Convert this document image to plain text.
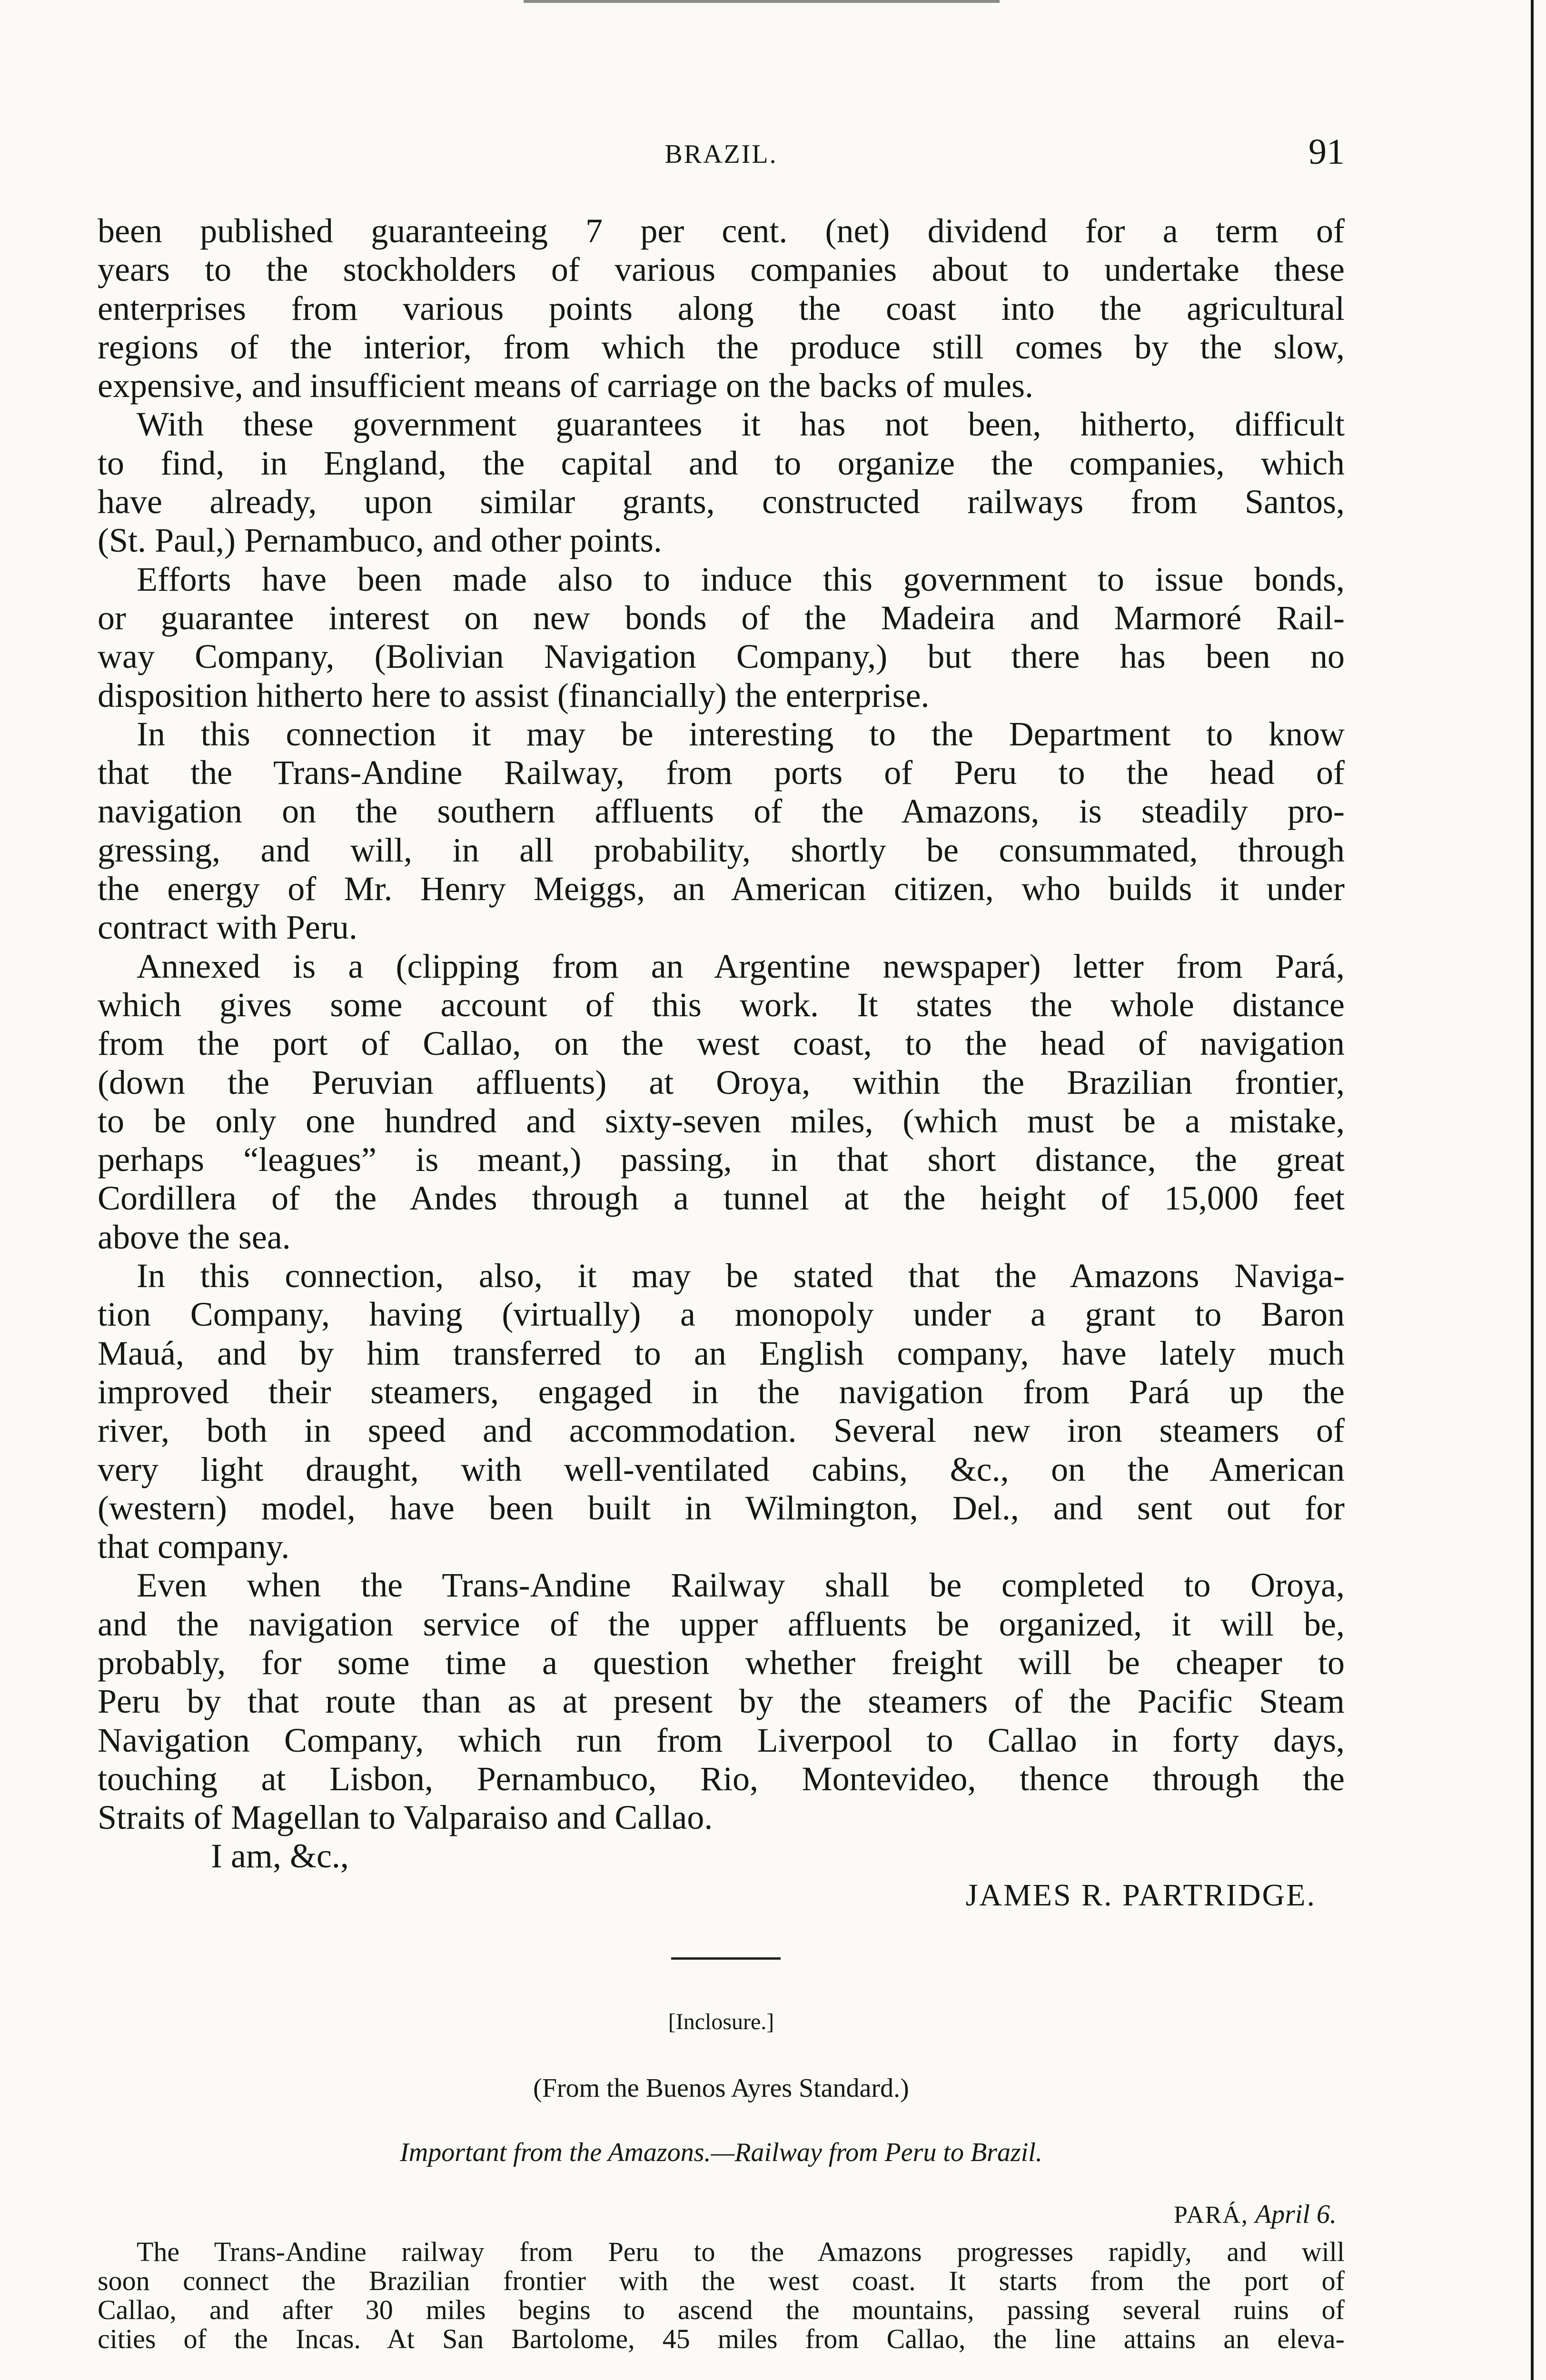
BRAZIL.	91

been published guaranteeing 7 per cent. (net) dividend for a term of

years to the stockholders of various companies about to undertake these

enterprises from various points along the coast into the agricultural

regions of the interior, from which the produce still comes by the slow,

expensive, and insufficient means of carriage on the backs of mules.

With these government guarantees it has not been, hitherto, difficult

to find, in England, the capital and to organize the companies, which

have already, upon similar grants, constructed railways from Santos,

(St. Paul,) Pernambuco, and other points.

Efforts have been made also to induce this government to issue bonds,

or guarantee interest on new bonds of the Madeira and Marmoré Rail-

way Company, (Bolivian Navigation Company,) but there has been no

disposition hitherto here to assist (financially) the enterprise.

In this connection it may be interesting to the Department to know

that the Trans-Andine Railway, from ports of Peru to the head of

navigation on the southern affluents of the Amazons, is steadily pro-

gressing, and will, in all probability, shortly be consummated, through

the energy of Mr. Henry Meiggs, an American citizen, who builds it under

contract with Peru.

Annexed is a (clipping from an Argentine newspaper) letter from Pará,

which gives some account of this work. It states the whole distance

from the port of Callao, on the west coast, to the head of navigation

(down the Peruvian affluents) at Oroya, within the Brazilian frontier,

to be only one hundred and sixty-seven miles, (which must be a mistake,

perhaps “leagues” is meant,) passing, in that short distance, the great

Cordillera of the Andes through a tunnel at the height of 15,000 feet

above the sea.

In this connection, also, it may be stated that the Amazons Naviga-

tion Company, having (virtually) a monopoly under a grant to Baron

Mauá, and by him transferred to an English company, have lately much

improved their steamers, engaged in the navigation from Pará up the

river, both in speed and accommodation. Several new iron steamers of

very light draught, with well-ventilated cabins, &c., on the American

(western) model, have been built in Wilmington, Del., and sent out for

that company.

Even when the Trans-Andine Railway shall be completed to Oroya,

and the navigation service of the upper affluents be organized, it will be,

probably, for some time a question whether freight will be cheaper to

Peru by that route than as at present by the steamers of the Pacific Steam

Navigation Company, which run from Liverpool to Callao in forty days,

touching at Lisbon, Pernambuco, Rio, Montevideo, thence through the

Straits of Magellan to Valparaiso and Callao.

I am, &c.,

JAMES R. PARTRIDGE.

[Inclosure.]
(From the Buenos Ayres Standard.)
Important from the Amazons.—Railway from Peru to Brazil.
PARÁ, April 6.

The Trans-Andine railway from Peru to the Amazons progresses rapidly, and will

soon connect the Brazilian frontier with the west coast. It starts from the port of

Callao, and after 30 miles begins to ascend the mountains, passing several ruins of

cities of the Incas. At San Bartolome, 45 miles from Callao, the line attains an eleva-
